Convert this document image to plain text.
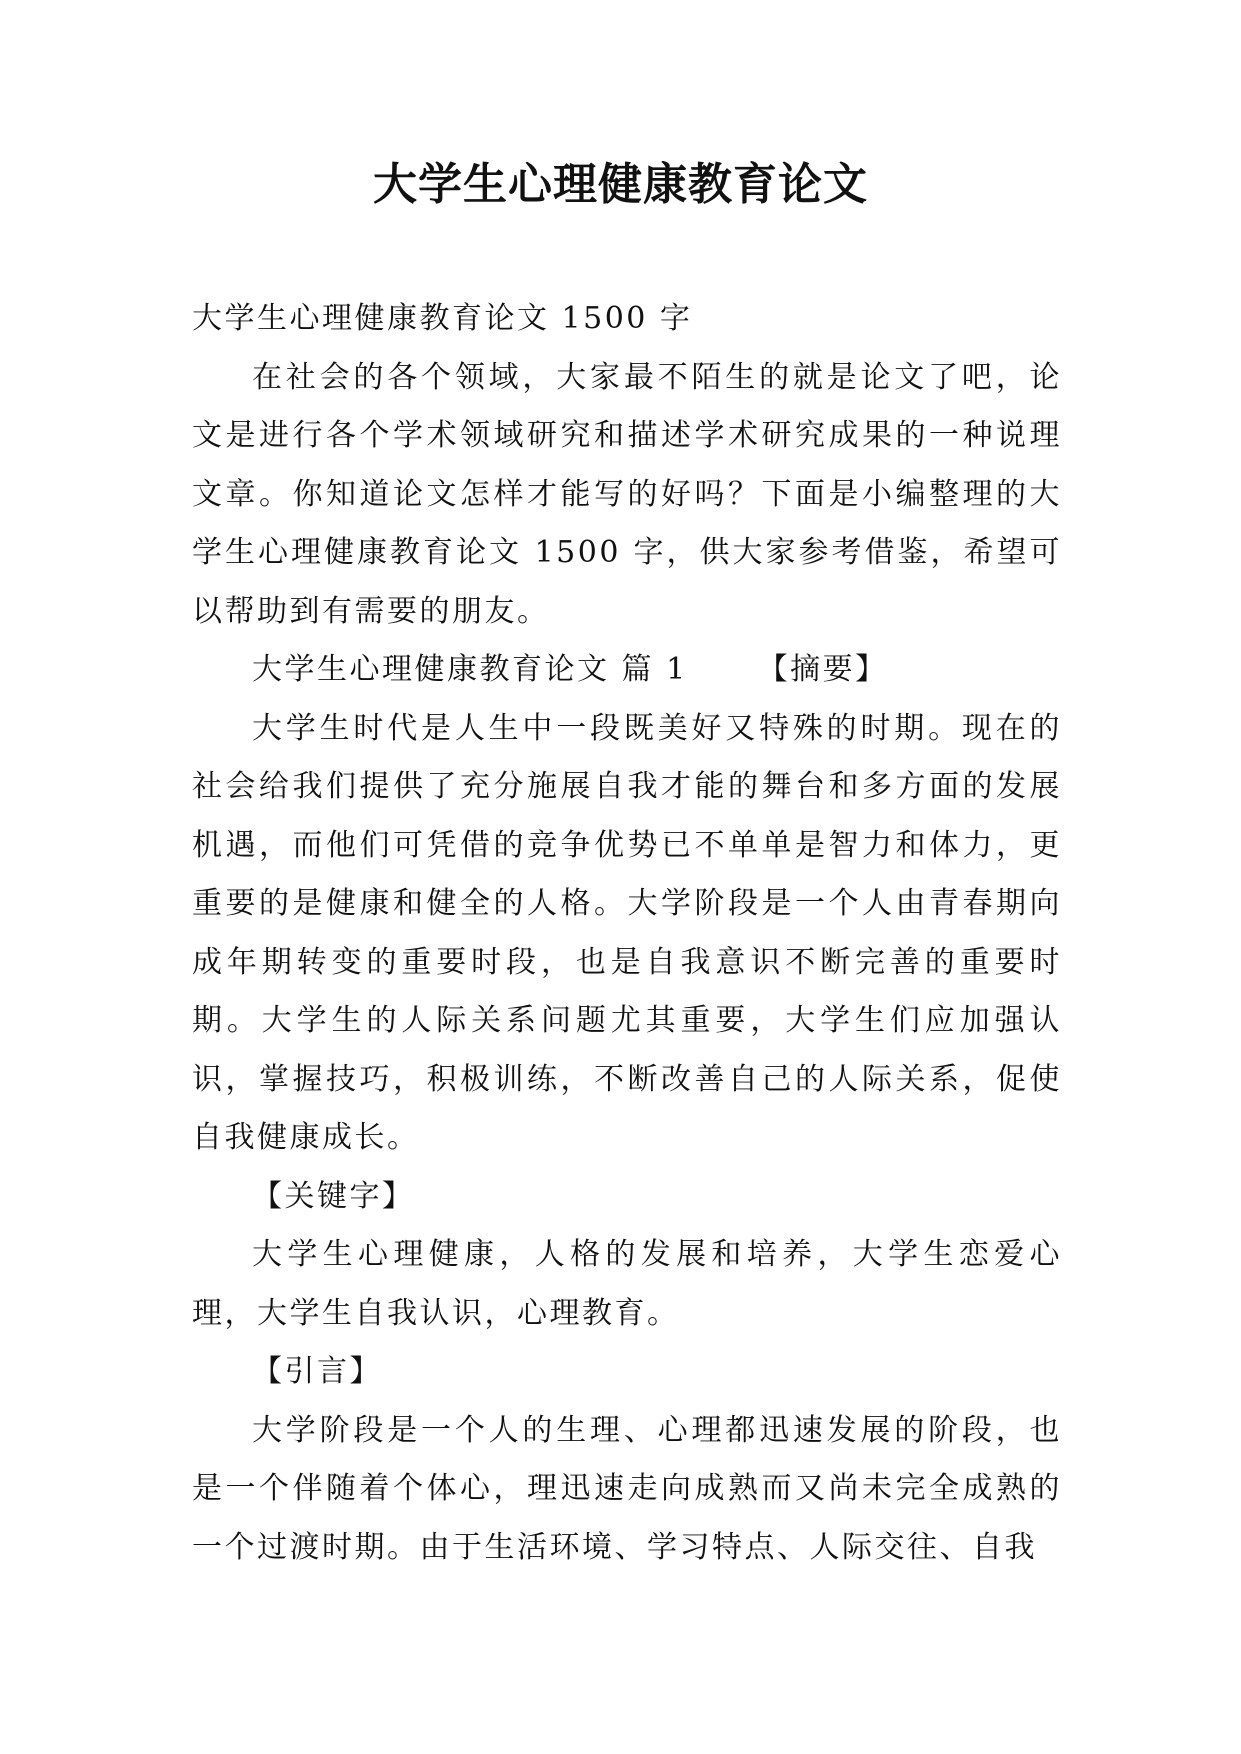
大学生心理健康教育论文

大学生心理健康教育论文 1500 字

在社会的各个领域，大家最不陌生的就是论文了吧，论文是进行各个学术领域研究和描述学术研究成果的一种说理文章。你知道论文怎样才能写的好吗？下面是小编整理的大学生心理健康教育论文 1500 字，供大家参考借鉴，希望可以帮助到有需要的朋友。

大学生心理健康教育论文 篇 1 【摘要】

大学生时代是人生中一段既美好又特殊的时期。现在的社会给我们提供了充分施展自我才能的舞台和多方面的发展机遇，而他们可凭借的竞争优势已不单单是智力和体力，更重要的是健康和健全的人格。大学阶段是一个人由青春期向成年期转变的重要时段，也是自我意识不断完善的重要时期。大学生的人际关系问题尤其重要，大学生们应加强认识，掌握技巧，积极训练，不断改善自己的人际关系，促使自我健康成长。

【关键字】

大学生心理健康，人格的发展和培养，大学生恋爱心理，大学生自我认识，心理教育。

【引言】

大学阶段是一个人的生理、心理都迅速发展的阶段，也是一个伴随着个体心，理迅速走向成熟而又尚未完全成熟的一个过渡时期。由于生活环境、学习特点、人际交往、自我
